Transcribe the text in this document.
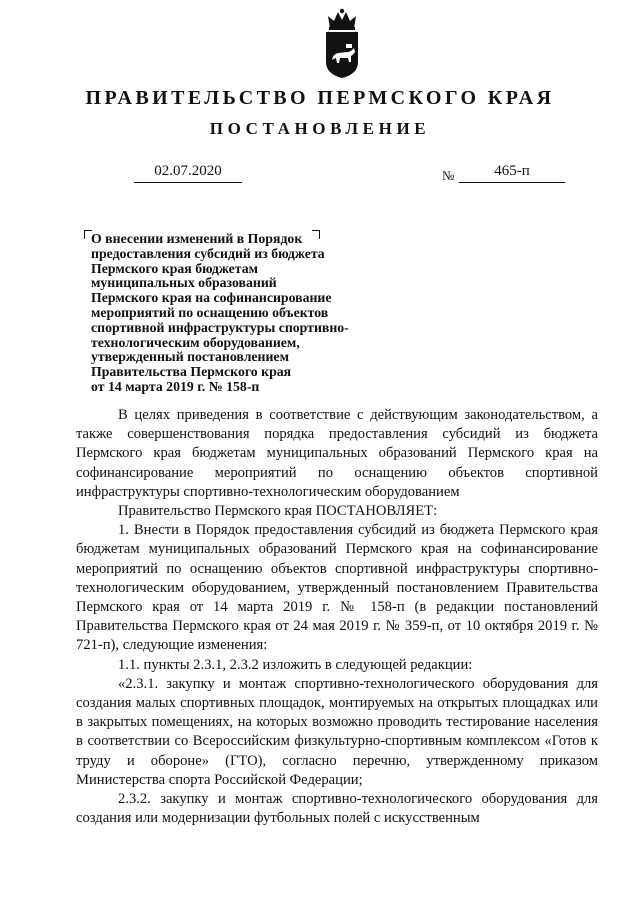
ПРАВИТЕЛЬСТВО ПЕРМСКОГО КРАЯ
ПОСТАНОВЛЕНИЕ
02.07.2020	№	465-п
О внесении изменений в Порядок
предоставления субсидий из бюджета
Пермского края бюджетам
муниципальных образований
Пермского края на софинансирование
мероприятий по оснащению объектов
спортивной инфраструктуры спортивно-
технологическим оборудованием,
утвержденный постановлением
Правительства Пермского края
от 14 марта 2019 г. № 158-п

В целях приведения в соответствие с действующим законодательством, а также совершенствования порядка предоставления субсидий из бюджета Пермского края бюджетам муниципальных образований Пермского края на софинансирование мероприятий по оснащению объектов спортивной инфраструктуры спортивно-технологическим оборудованием

Правительство Пермского края ПОСТАНОВЛЯЕТ:

1. Внести в Порядок предоставления субсидий из бюджета Пермского края бюджетам муниципальных образований Пермского края на софинансирование мероприятий по оснащению объектов спортивной инфраструктуры спортивно-технологическим оборудованием, утвержденный постановлением Правительства Пермского края от 14 марта 2019 г. № 158-п (в редакции постановлений Правительства Пермского края от 24 мая 2019 г. № 359-п, от 10 октября 2019 г. № 721-п), следующие изменения:

1.1. пункты 2.3.1, 2.3.2 изложить в следующей редакции:

«2.3.1. закупку и монтаж спортивно-технологического оборудования для создания малых спортивных площадок, монтируемых на открытых площадках или в закрытых помещениях, на которых возможно проводить тестирование населения в соответствии со Всероссийским физкультурно-спортивным комплексом «Готов к труду и обороне» (ГТО), согласно перечню, утвержденному приказом Министерства спорта Российской Федерации;

2.3.2. закупку и монтаж спортивно-технологического оборудования для создания или модернизации футбольных полей с искусственным
